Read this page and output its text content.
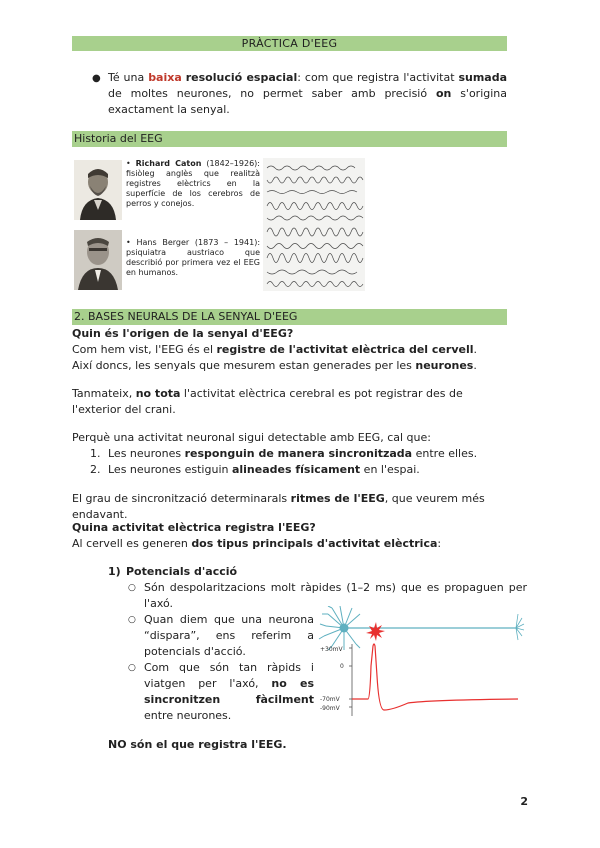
PRÀCTICA D'EEG
● Té una baixa resolució espacial: com que registra l'activitat sumada de moltes neurones, no permet saber amb precisió on s'origina exactament la senyal.
Historia del EEG
• Richard Caton (1842–1926): fisiòleg anglès que realitzà registres elèctrics en la superfície de los cerebros de perros y conejos.
• Hans Berger (1873 – 1941): psiquiatra austriaco que describió por primera vez el EEG en humanos.
2. BASES NEURALS DE LA SENYAL D'EEG
Quin és l'origen de la senyal d'EEG?
Com hem vist, l'EEG és el registre de l'activitat elèctrica del cervell.
Així doncs, les senyals que mesurem estan generades per les neurones.
Tanmateix, no tota l'activitat elèctrica cerebral es pot registrar des de l'exterior del crani.
Perquè una activitat neuronal sigui detectable amb EEG, cal que:
1. Les neurones responguin de manera sincronitzada entre elles.
2. Les neurones estiguin alineades físicament en l'espai.
El grau de sincronització determinarals ritmes de l'EEG, que veurem més endavant.
Quina activitat elèctrica registra l'EEG?
Al cervell es generen dos tipus principals d'activitat elèctrica:
1) Potencials d'acció
○ Són despolaritzacions molt ràpides (1–2 ms) que es propaguen per l'axó.
○ Quan diem que una neurona “dispara”, ens referim a potencials d'acció.
○ Com que són tan ràpids i viatgen per l'axó, no es sincronitzen fàcilment entre neurones.
+30mV
0
-70mV
-90mV
NO són el que registra l'EEG.
2
